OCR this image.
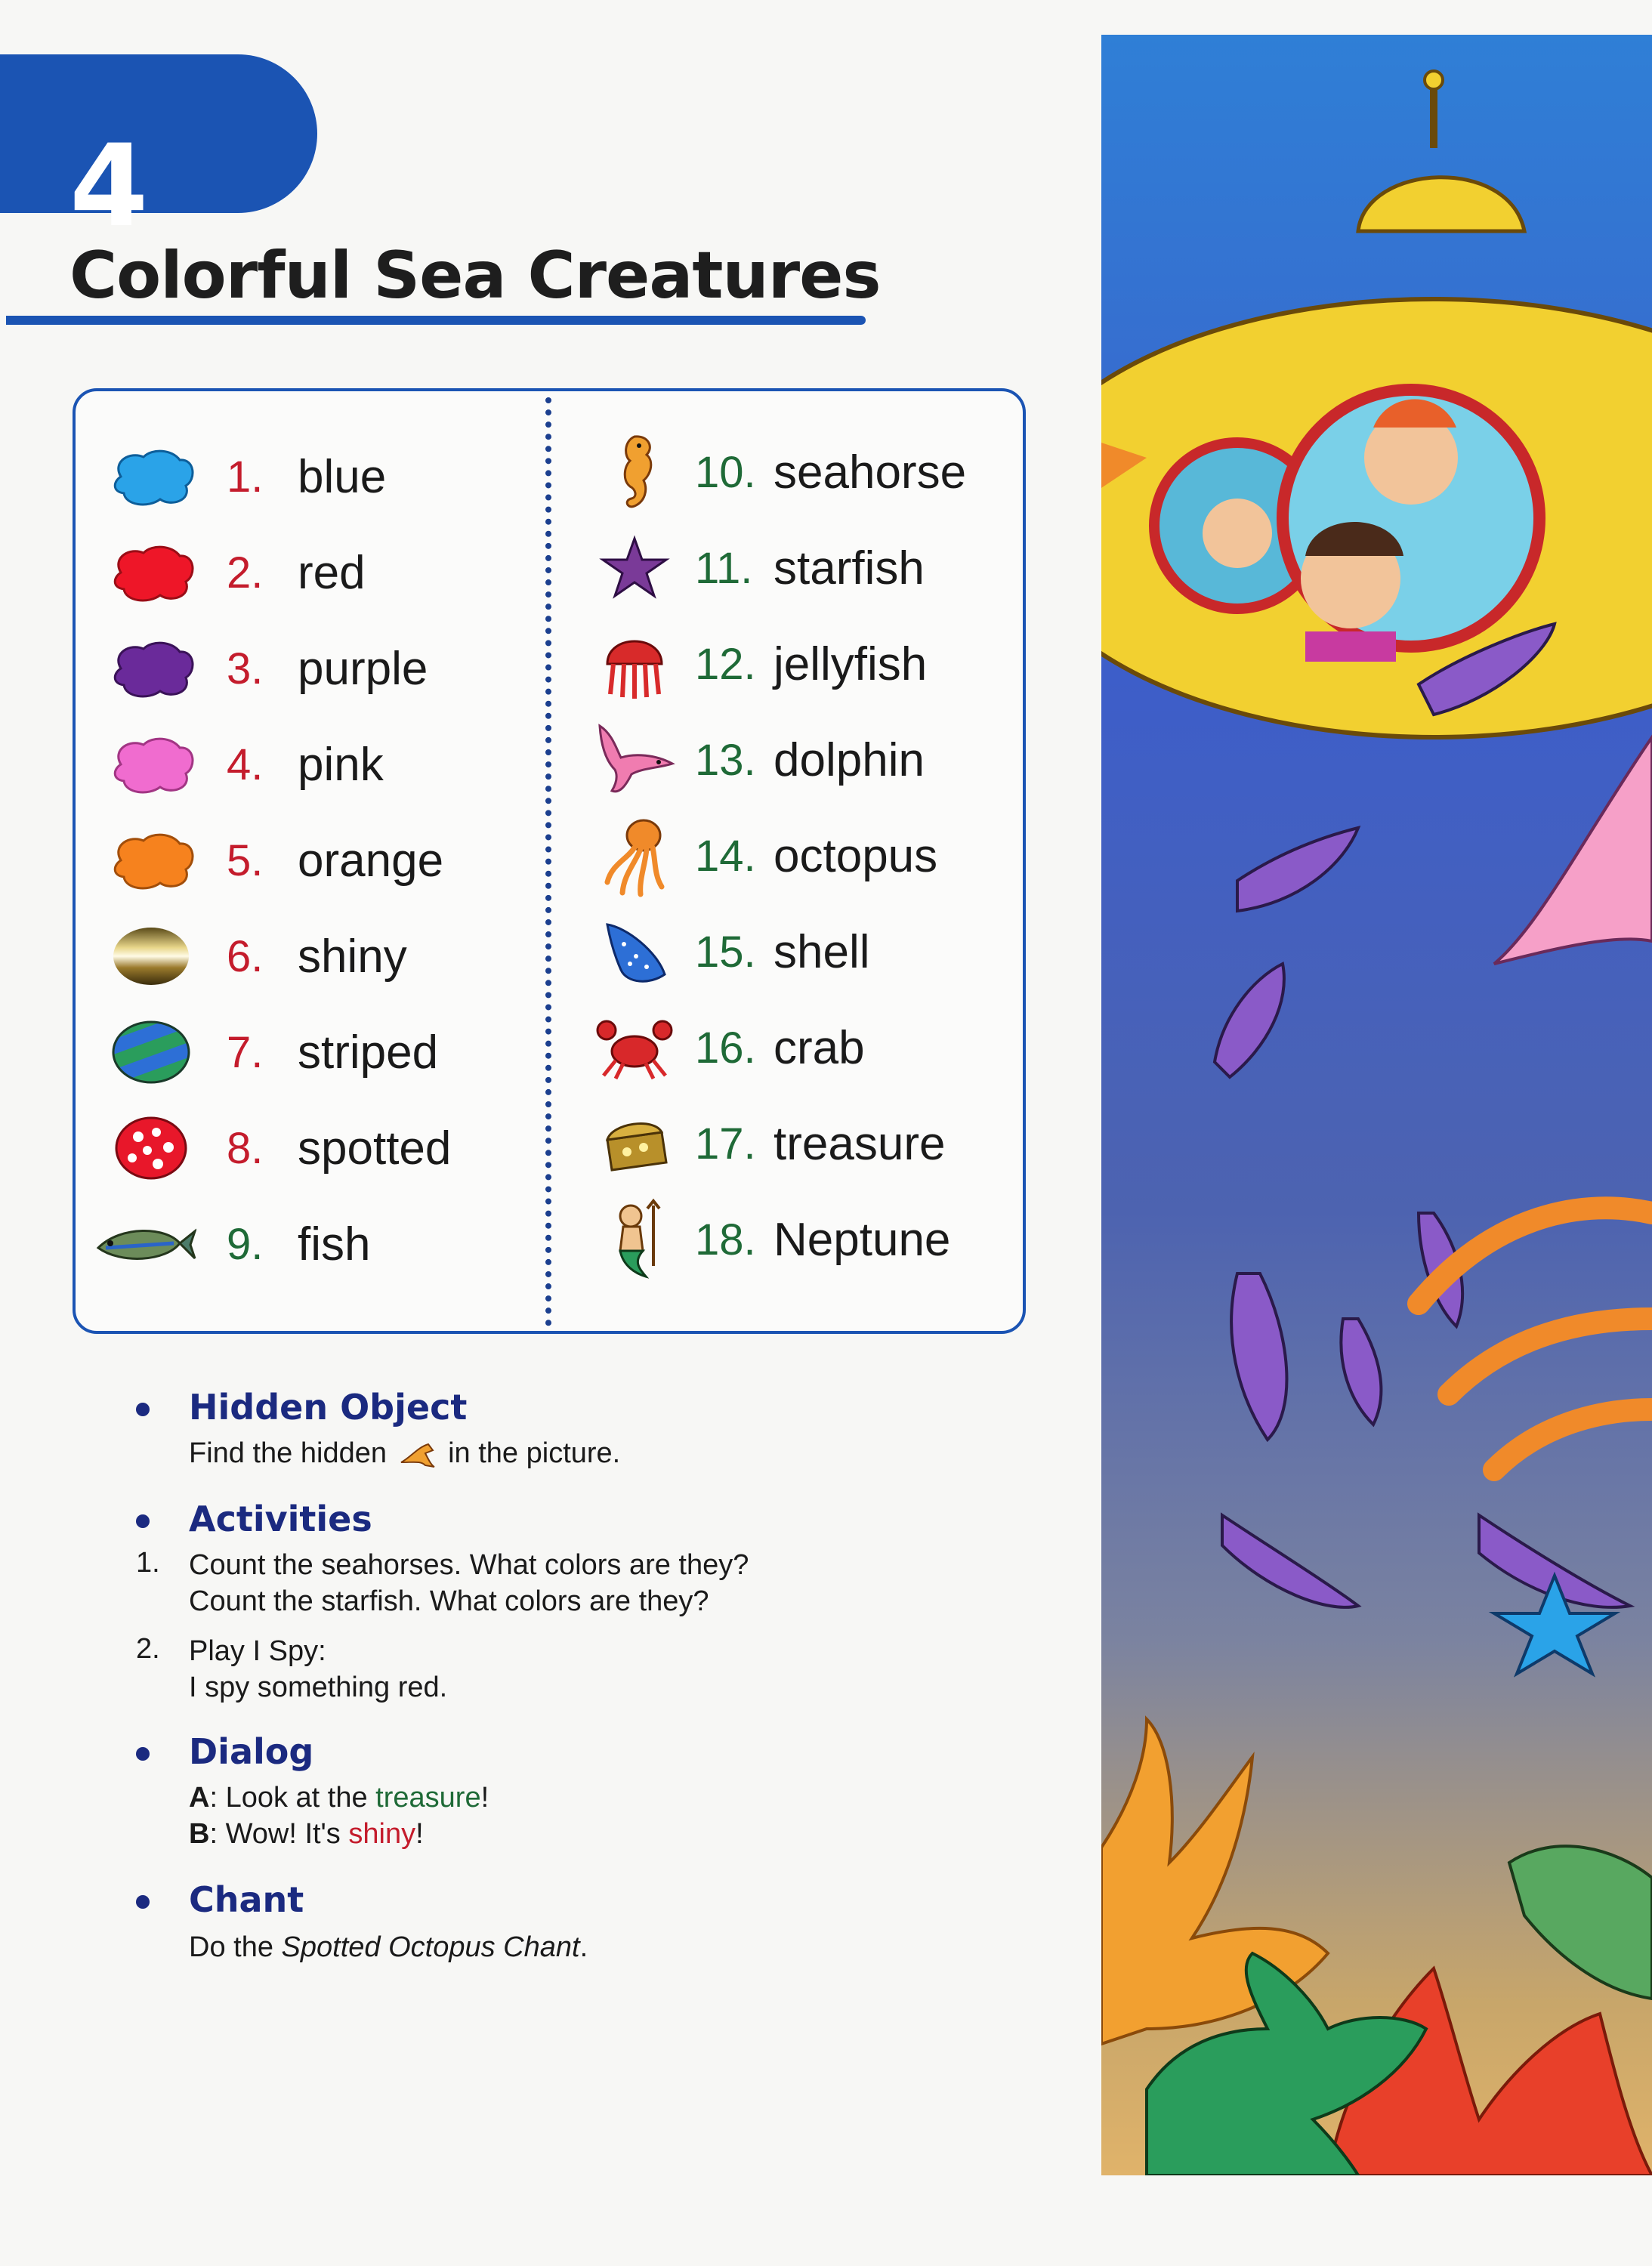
4
Colorful Sea Creatures
1. blue
2. red
3. purple
4. pink
5. orange
6. shiny
7. striped
8. spotted
9. fish
10. seahorse
11. starfish
12. jellyfish
13. dolphin
14. octopus
15. shell
16. crab
17. treasure
18. Neptune
Hidden Object
Find the hidden in the picture.
Activities
1. Count the seahorses. What colors are they?
Count the starfish. What colors are they?
2. Play I Spy:
I spy something red.
Dialog
A: Look at the treasure!
B: Wow! It's shiny!
Chant
Do the Spotted Octopus Chant.
